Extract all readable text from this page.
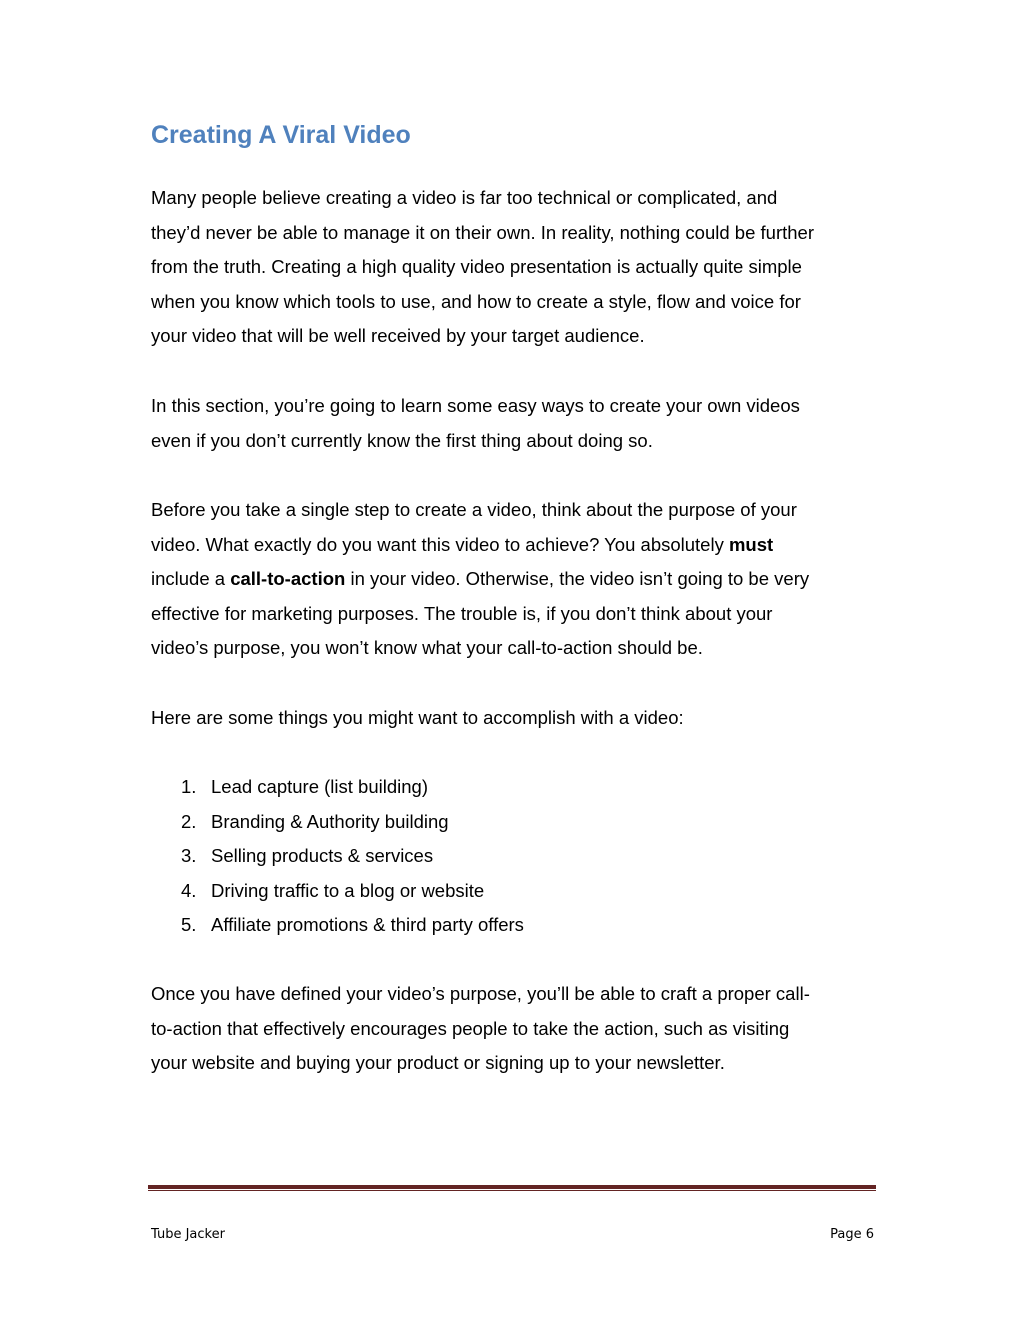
Creating A Viral Video
Many people believe creating a video is far too technical or complicated, and
they’d never be able to manage it on their own. In reality, nothing could be further
from the truth. Creating a high quality video presentation is actually quite simple
when you know which tools to use, and how to create a style, flow and voice for
your video that will be well received by your target audience.
In this section, you’re going to learn some easy ways to create your own videos
even if you don’t currently know the first thing about doing so.
Before you take a single step to create a video, think about the purpose of your
video. What exactly do you want this video to achieve? You absolutely must
include a call-to-action in your video. Otherwise, the video isn’t going to be very
effective for marketing purposes. The trouble is, if you don’t think about your
video’s purpose, you won’t know what your call-to-action should be.
Here are some things you might want to accomplish with a video:
1. Lead capture (list building)
2. Branding & Authority building
3. Selling products & services
4. Driving traffic to a blog or website
5. Affiliate promotions & third party offers
Once you have defined your video’s purpose, you’ll be able to craft a proper call-
to-action that effectively encourages people to take the action, such as visiting
your website and buying your product or signing up to your newsletter.
Tube Jacker	Page 6
